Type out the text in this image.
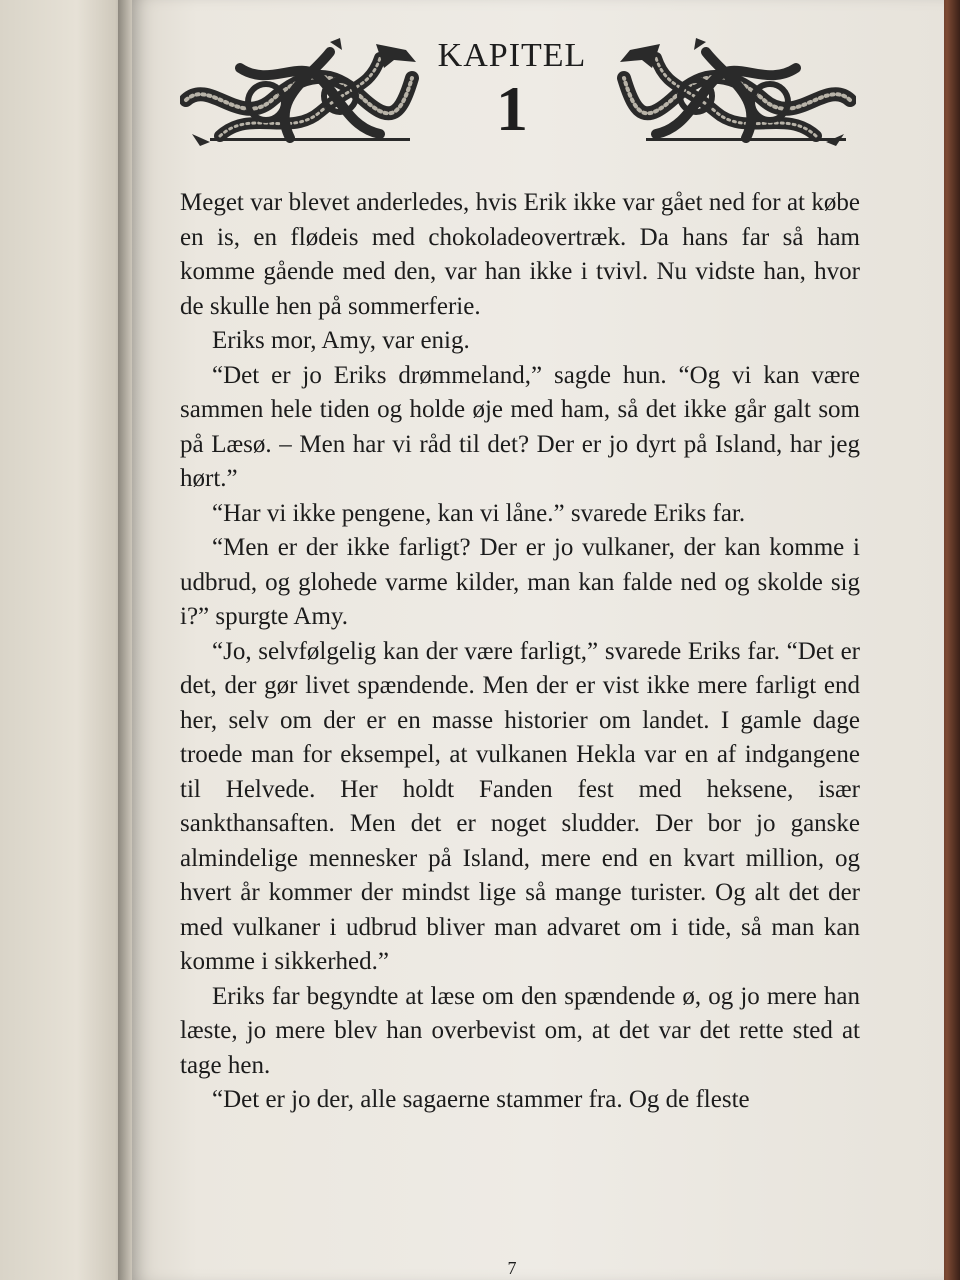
KAPITEL
1

Meget var blevet anderledes, hvis Erik ikke var gået ned for at købe en is, en flødeis med chokoladeovertræk. Da hans far så ham komme gående med den, var han ikke i tvivl. Nu vidste han, hvor de skulle hen på sommerferie.

Eriks mor, Amy, var enig.

“Det er jo Eriks drømmeland,” sagde hun. “Og vi kan være sammen hele tiden og holde øje med ham, så det ikke går galt som på Læsø. – Men har vi råd til det? Der er jo dyrt på Island, har jeg hørt.”

“Har vi ikke pengene, kan vi låne.” svarede Eriks far.

“Men er der ikke farligt? Der er jo vulkaner, der kan komme i udbrud, og glohede varme kilder, man kan falde ned og skolde sig i?” spurgte Amy.

“Jo, selvfølgelig kan der være farligt,” svarede Eriks far. “Det er det, der gør livet spændende. Men der er vist ikke mere farligt end her, selv om der er en masse historier om landet. I gamle dage troede man for eksempel, at vulkanen Hekla var en af indgangene til Helvede. Her holdt Fanden fest med heksene, især sankthansaften. Men det er noget sludder. Der bor jo ganske almindelige mennesker på Island, mere end en kvart million, og hvert år kommer der mindst lige så mange turister. Og alt det der med vulkaner i udbrud bliver man advaret om i tide, så man kan komme i sikkerhed.”

Eriks far begyndte at læse om den spændende ø, og jo mere han læste, jo mere blev han overbevist om, at det var det rette sted at tage hen.

“Det er jo der, alle sagaerne stammer fra. Og de fleste

7
